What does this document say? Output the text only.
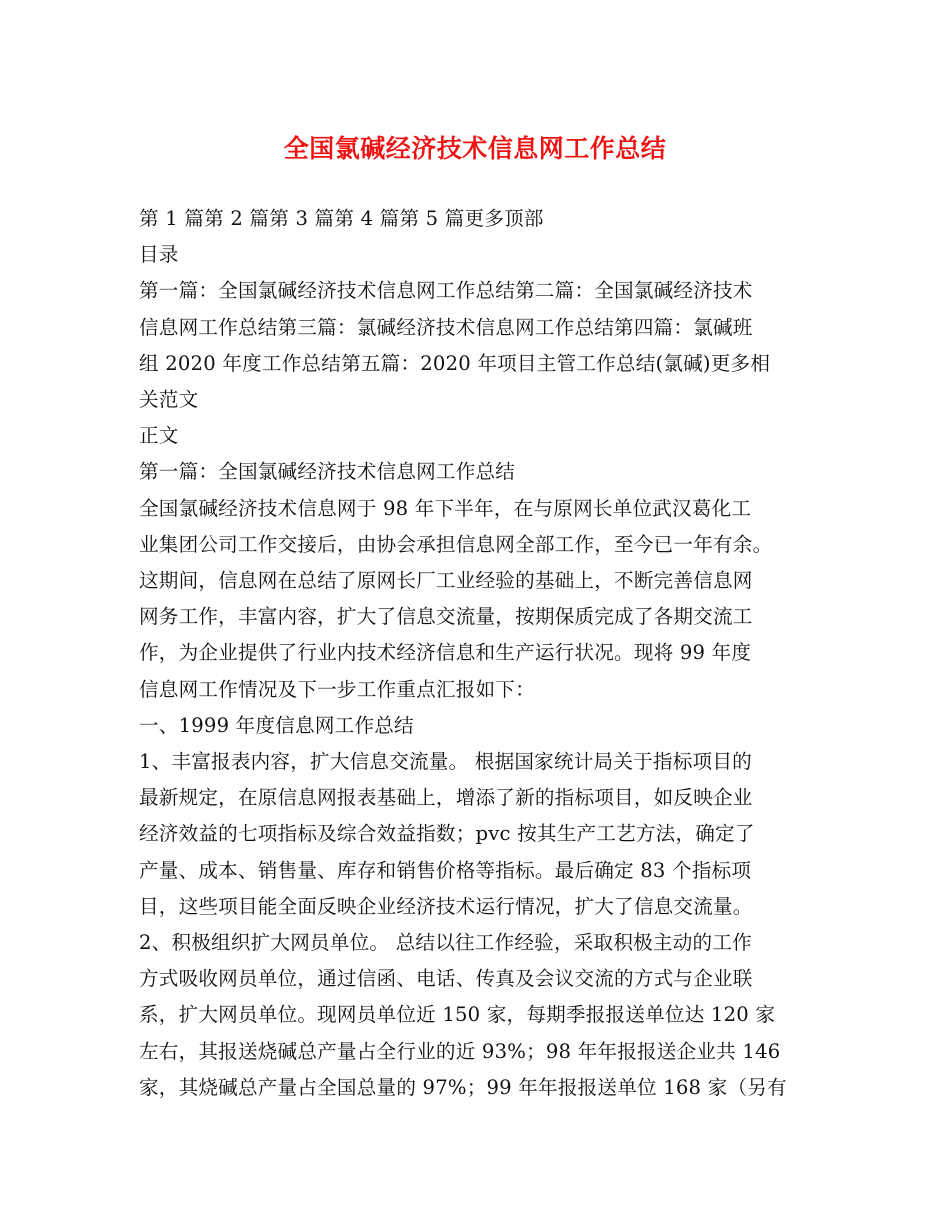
全国氯碱经济技术信息网工作总结
第 1 篇第 2 篇第 3 篇第 4 篇第 5 篇更多顶部
目录
第一篇：全国氯碱经济技术信息网工作总结第二篇：全国氯碱经济技术
信息网工作总结第三篇：氯碱经济技术信息网工作总结第四篇：氯碱班
组 2020 年度工作总结第五篇：2020 年项目主管工作总结(氯碱)更多相
关范文
正文
第一篇：全国氯碱经济技术信息网工作总结
全国氯碱经济技术信息网于 98 年下半年，在与原网长单位武汉葛化工
业集团公司工作交接后，由协会承担信息网全部工作，至今已一年有余。
这期间，信息网在总结了原网长厂工业经验的基础上，不断完善信息网
网务工作，丰富内容，扩大了信息交流量，按期保质完成了各期交流工
作，为企业提供了行业内技术经济信息和生产运行状况。现将 99 年度
信息网工作情况及下一步工作重点汇报如下：
一、1999 年度信息网工作总结
1、丰富报表内容，扩大信息交流量。 根据国家统计局关于指标项目的
最新规定，在原信息网报表基础上，增添了新的指标项目，如反映企业
经济效益的七项指标及综合效益指数；pvc 按其生产工艺方法，确定了
产量、成本、销售量、库存和销售价格等指标。最后确定 83 个指标项
目，这些项目能全面反映企业经济技术运行情况，扩大了信息交流量。
2、积极组织扩大网员单位。 总结以往工作经验，采取积极主动的工作
方式吸收网员单位，通过信函、电话、传真及会议交流的方式与企业联
系，扩大网员单位。现网员单位近 150 家，每期季报报送单位达 120 家
左右，其报送烧碱总产量占全行业的近 93%；98 年年报报送企业共 146
家，其烧碱总产量占全国总量的 97%；99 年年报报送单位 168 家（另有
